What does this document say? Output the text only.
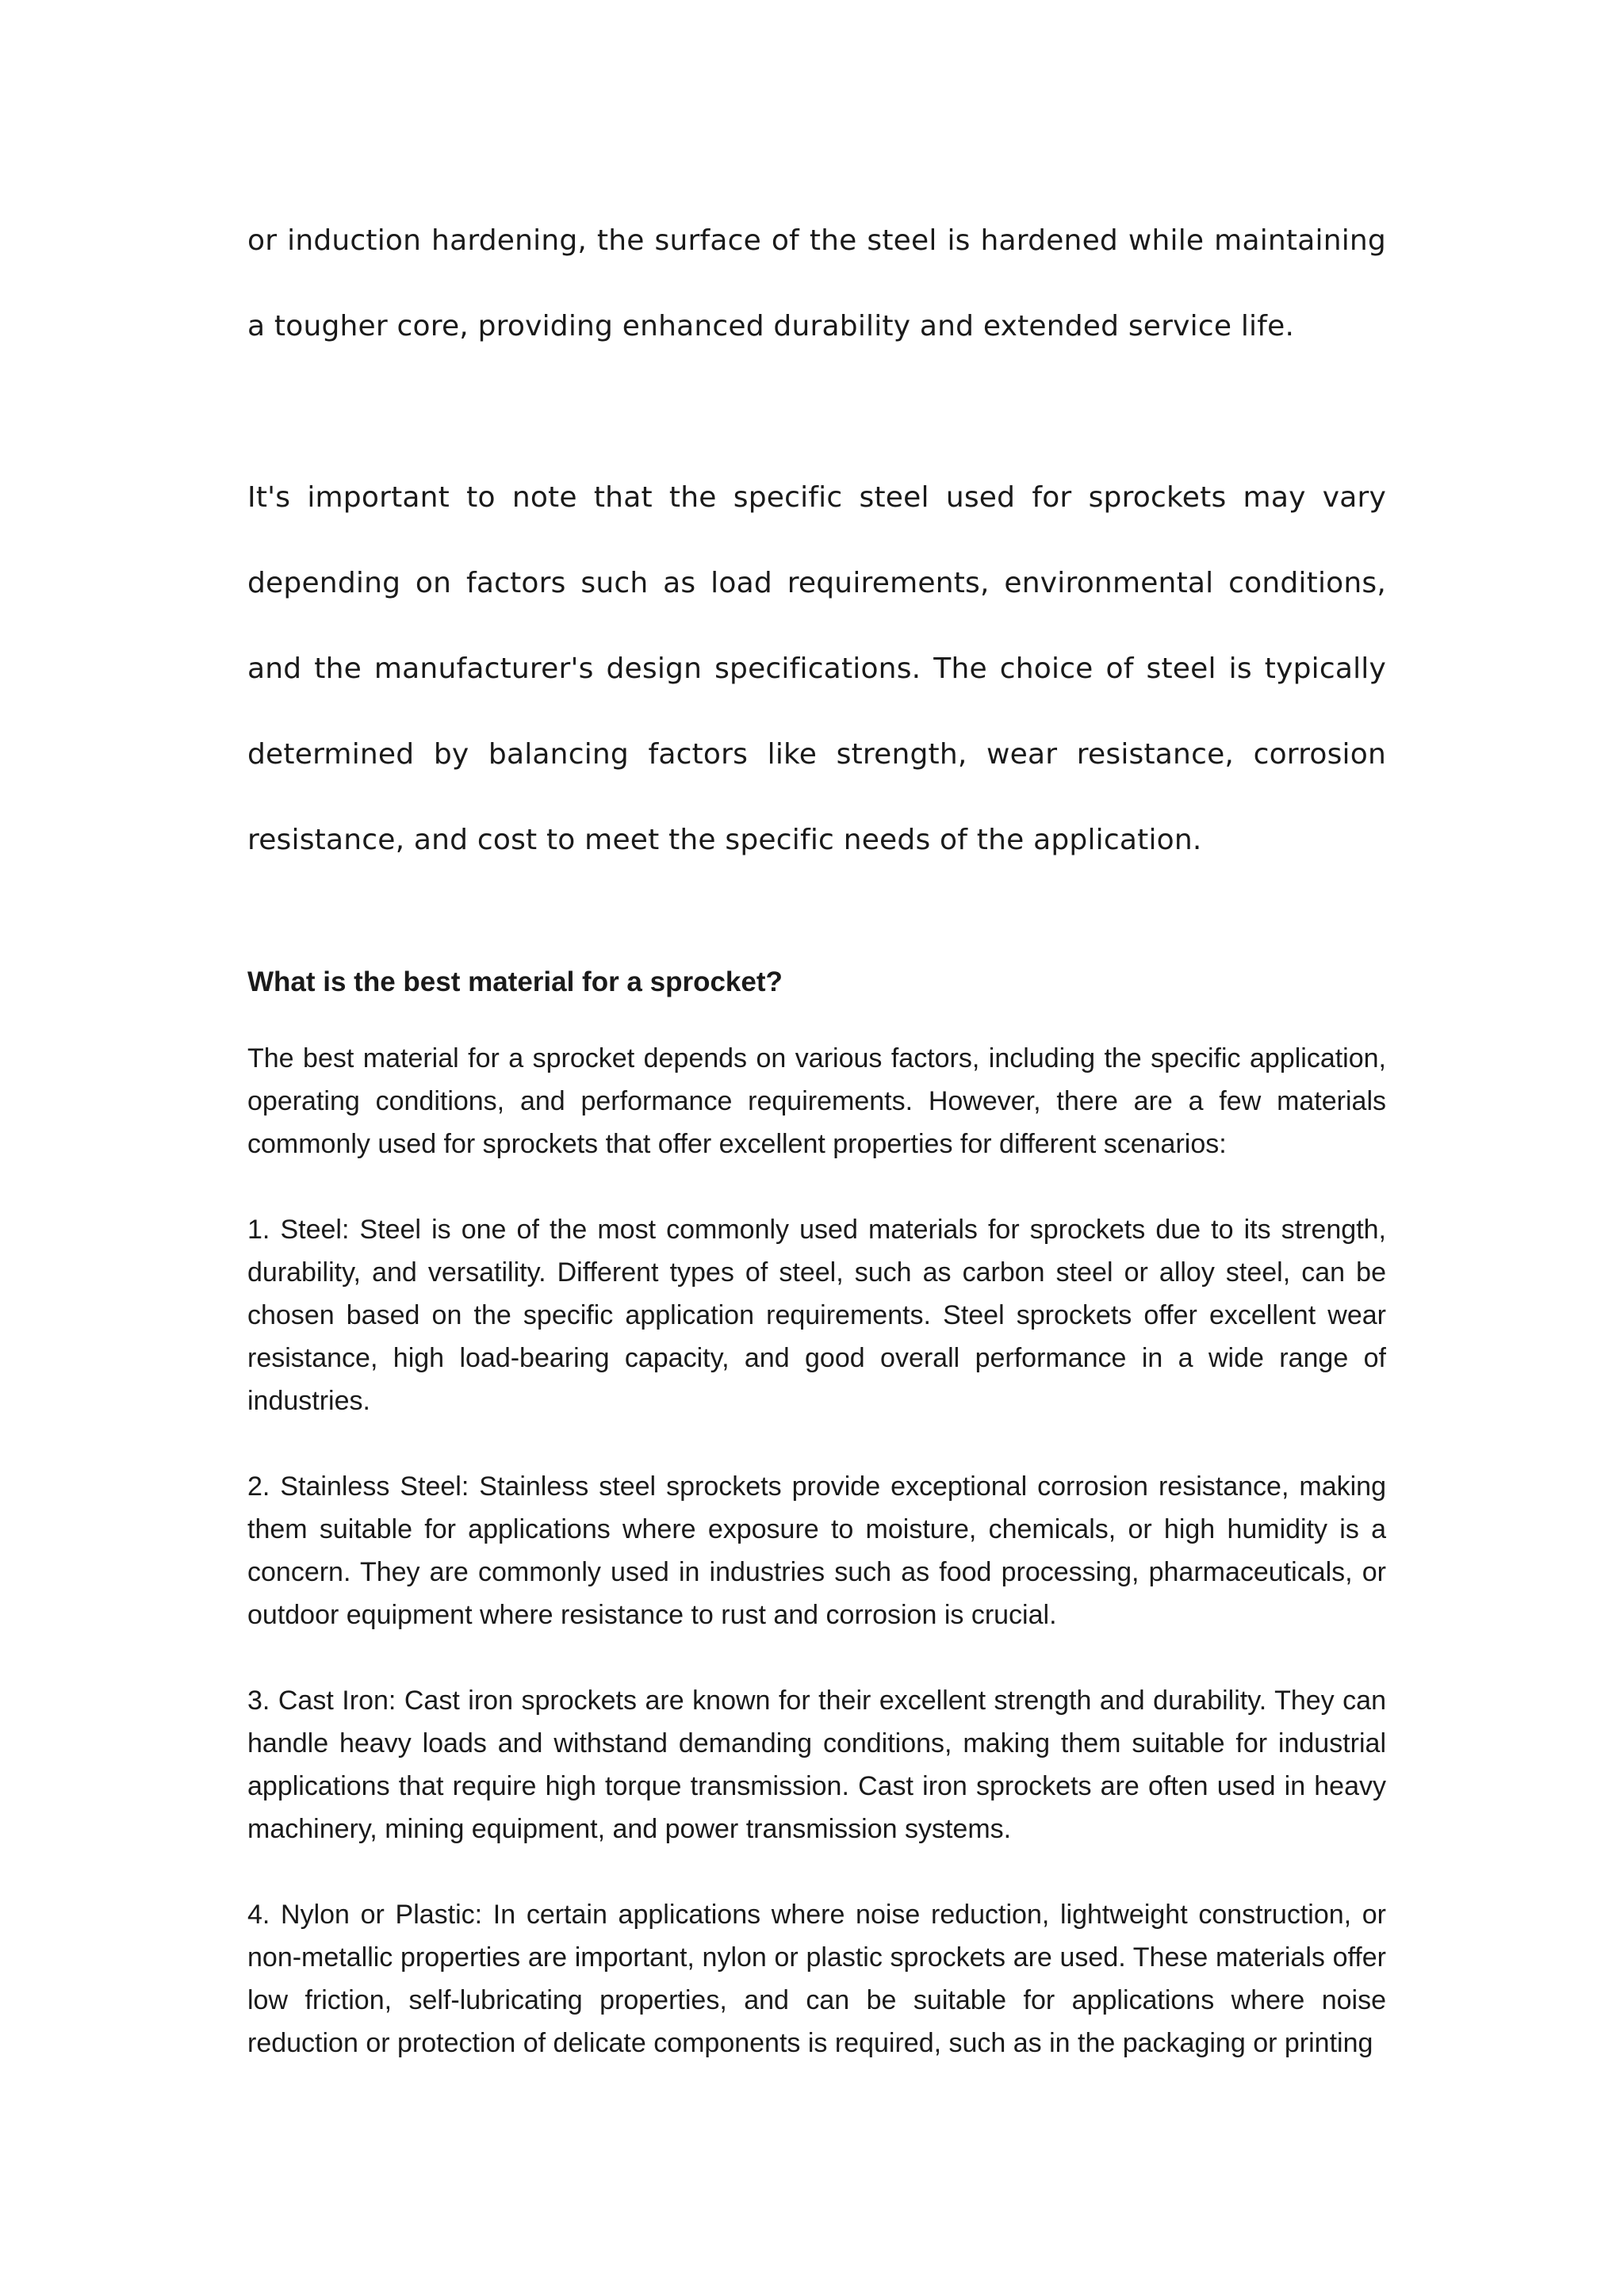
or induction hardening, the surface of the steel is hardened while maintaining a tougher core, providing enhanced durability and extended service life.

It's important to note that the specific steel used for sprockets may vary depending on factors such as load requirements, environmental conditions, and the manufacturer's design specifications. The choice of steel is typically determined by balancing factors like strength, wear resistance, corrosion resistance, and cost to meet the specific needs of the application.

What is the best material for a sprocket?

The best material for a sprocket depends on various factors, including the specific application, operating conditions, and performance requirements. However, there are a few materials commonly used for sprockets that offer excellent properties for different scenarios:

1. Steel: Steel is one of the most commonly used materials for sprockets due to its strength, durability, and versatility. Different types of steel, such as carbon steel or alloy steel, can be chosen based on the specific application requirements. Steel sprockets offer excellent wear resistance, high load-bearing capacity, and good overall performance in a wide range of industries.

2. Stainless Steel: Stainless steel sprockets provide exceptional corrosion resistance, making them suitable for applications where exposure to moisture, chemicals, or high humidity is a concern. They are commonly used in industries such as food processing, pharmaceuticals, or outdoor equipment where resistance to rust and corrosion is crucial.

3. Cast Iron: Cast iron sprockets are known for their excellent strength and durability. They can handle heavy loads and withstand demanding conditions, making them suitable for industrial applications that require high torque transmission. Cast iron sprockets are often used in heavy machinery, mining equipment, and power transmission systems.

4. Nylon or Plastic: In certain applications where noise reduction, lightweight construction, or non-metallic properties are important, nylon or plastic sprockets are used. These materials offer low friction, self-lubricating properties, and can be suitable for applications where noise reduction or protection of delicate components is required, such as in the packaging or printing
